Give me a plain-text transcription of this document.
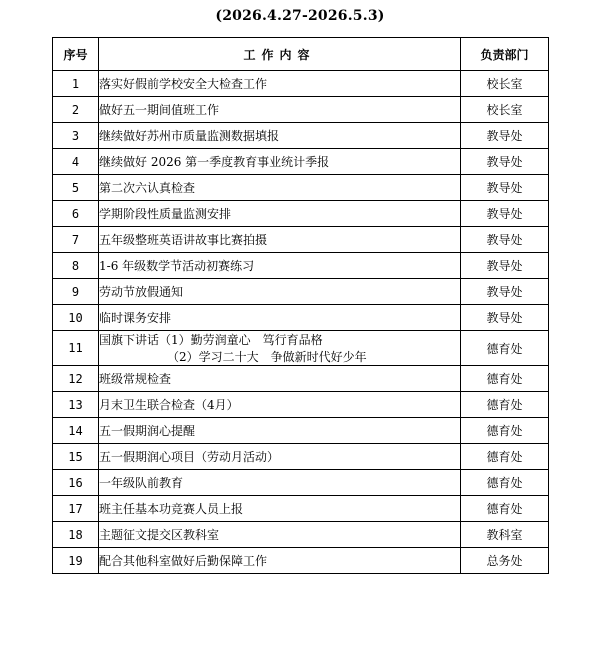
(2026.4.27-2026.5.3)
序号	工作内容	负责部门
1	落实好假前学校安全大检查工作	校长室
2	做好五一期间值班工作	校长室
3	继续做好苏州市质量监测数据填报	教导处
4	继续做好 2026 第一季度教育事业统计季报	教导处
5	第二次六认真检查	教导处
6	学期阶段性质量监测安排	教导处
7	五年级整班英语讲故事比赛拍摄	教导处
8	1-6 年级数学节活动初赛练习	教导处
9	劳动节放假通知	教导处
10	临时课务安排	教导处
11	国旗下讲话（1）勤劳润童心　笃行育品格
（2）学习二十大　争做新时代好少年	德育处
12	班级常规检查	德育处
13	月末卫生联合检查（4月）	德育处
14	五一假期润心提醒	德育处
15	五一假期润心项目（劳动月活动）	德育处
16	一年级队前教育	德育处
17	班主任基本功竞赛人员上报	德育处
18	主题征文提交区教科室	教科室
19	配合其他科室做好后勤保障工作	总务处
